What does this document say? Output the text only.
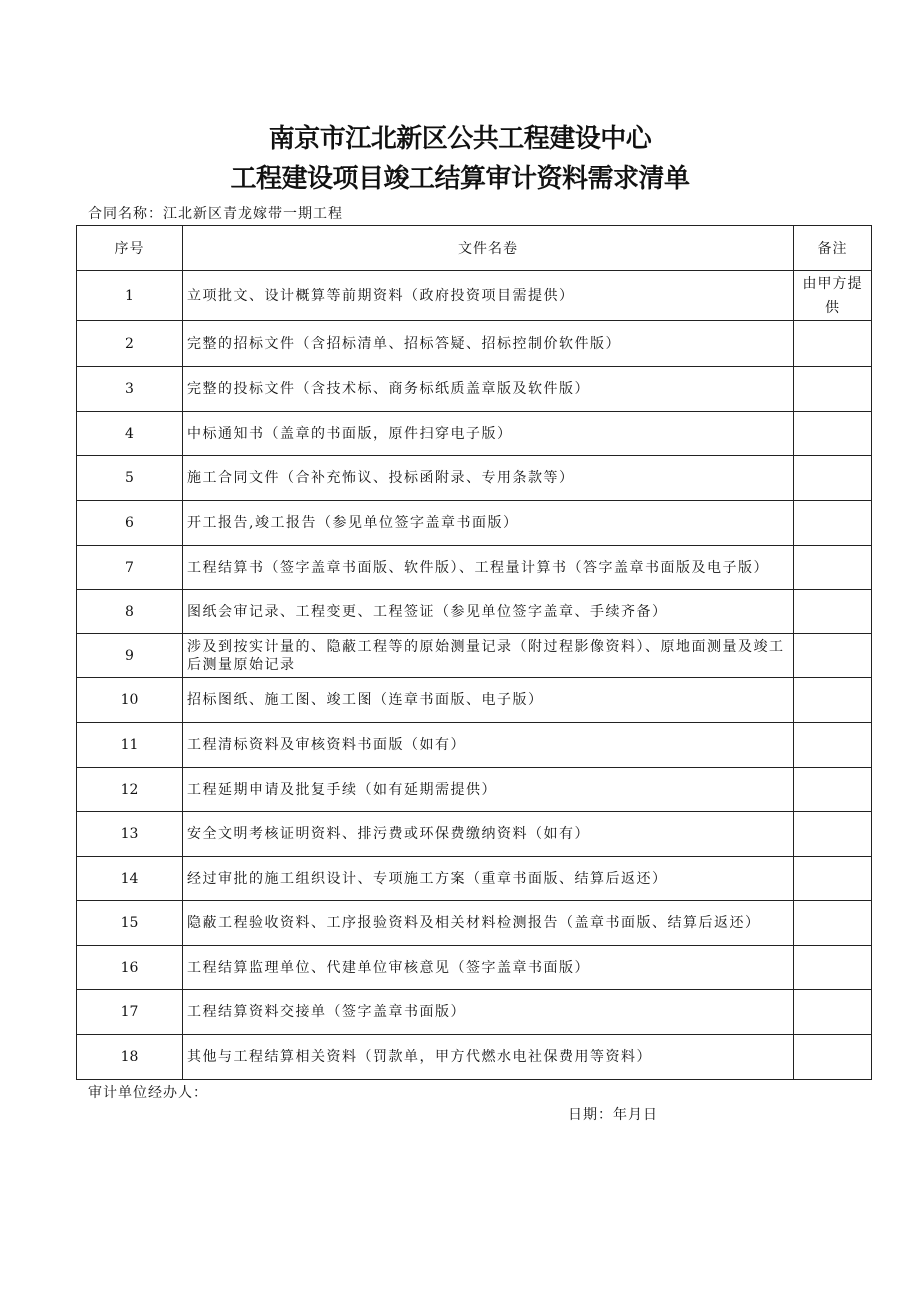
南京市江北新区公共工程建设中心
工程建设项目竣工结算审计资料需求清单
合同名称：江北新区青龙嫁带一期工程
序号	文件名卷	备注
1	立项批文、设计概算等前期资料（政府投资项目需提供）	由甲方提供
2	完整的招标文件（含招标清单、招标答疑、招标控制价软件版）	
3	完整的投标文件（含技术标、商务标纸质盖章版及软件版）	
4	中标通知书（盖章的书面版，原件扫穿电子版）	
5	施工合同文件（合补充怖议、投标函附录、专用条款等）	
6	开工报告,竣工报告（参见单位签字盖章书面版）	
7	工程结算书（签字盖章书面版、软件版）、工程量计算书（答字盖章书面版及电子版）	
8	图纸会审记录、工程变更、工程签证（参见单位签字盖章、手续齐备）	
9	涉及到按实计量的、隐蔽工程等的原始测量记录（附过程影像资料）、原地面测量及竣工后测量原始记录	
10	招标图纸、施工图、竣工图（连章书面版、电子版）	
11	工程清标资料及审核资料书面版（如有）	
12	工程延期申请及批复手续（如有延期需提供）	
13	安全文明考核证明资料、排污费或环保费缴纳资料（如有）	
14	经过审批的施工组织设计、专项施工方案（重章书面版、结算后返还）	
15	隐蔽工程验收资料、工序报验资料及相关材料检测报告（盖章书面版、结算后返还）	
16	工程结算监理单位、代建单位审核意见（签字盖章书面版）	
17	工程结算资料交接单（签字盖章书面版）	
18	其他与工程结算相关资料（罚款单，甲方代燃水电社保费用等资料）	
审计单位经办人：
日期：年月日
